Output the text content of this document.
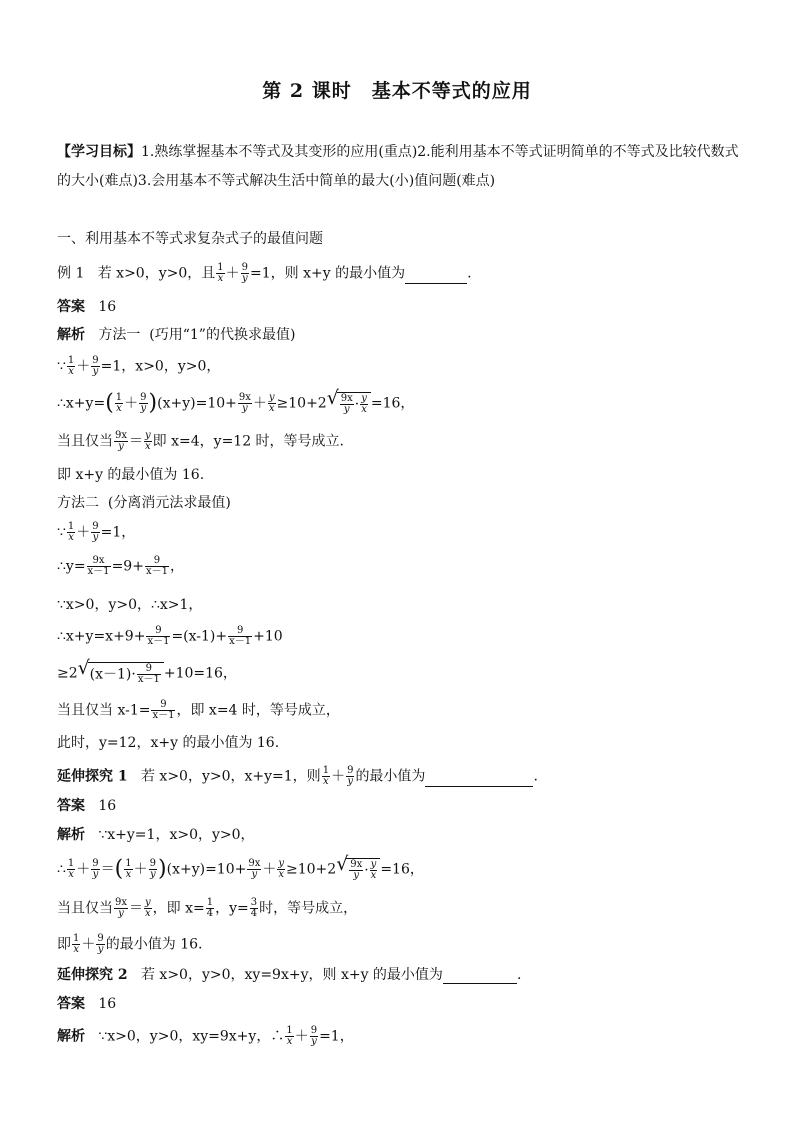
第 2 课时　基本不等式的应用
【学习目标】1.熟练掌握基本不等式及其变形的应用(重点)2.能利用基本不等式证明简单的不等式及比较代数式的大小(难点)3.会用基本不等式解决生活中简单的最大(小)值问题(难点)
一、利用基本不等式求复杂式子的最值问题
例 1 若 x>0，y>0，且 $\frac{1}{x} + \frac{9}{y} =1$，则 x+y 的最小值为	.
答案 16
解析 方法一 (巧用“1”的代换求最值)
∵ $\frac{1}{x} + \frac{9}{y} =1$，x>0，y>0，
∴x+y=( $\frac{1}{x} + \frac{9}{y} )(x+y)=10+ \frac{9x}{y} + \frac{y}{x} \ge 10+2$ √ $\frac{9x}{y} \cdot \frac{y}{x} =16$，
当且仅当 $\frac{9x}{y} = \frac{y}{x}$ 即 x=4，y=12 时，等号成立.
即 x+y 的最小值为 16.
方法二 (分离消元法求最值)
∵ $\frac{1}{x} + \frac{9}{y} =1$，
∴y= $\frac{9x}{x-1} =9+ \frac{9}{x-1}$ ，
∵x>0，y>0，∴x>1，
∴x+y=x+9+ $\frac{9}{x-1} =(x-1)+ \frac{9}{x-1} +10$
≥2 √ $(x-1)\cdot \frac{9}{x-1} +10=16$，
当且仅当 $x-1= \frac{9}{x-1}$ ，即 x=4 时，等号成立，
此时，y=12，x+y 的最小值为 16.
延伸探究 1 若 x>0，y>0，x+y=1，则 $\frac{1}{x} + \frac{9}{y}$ 的最小值为	.
答案 16
解析 ∵x+y=1，x>0，y>0，
∴ $\frac{1}{x} + \frac{9}{y}$ ＝( $\frac{1}{x} + \frac{9}{y} )(x+y)=10+ \frac{9x}{y} + \frac{y}{x} \ge 10+2$ √ $\frac{9x}{y} \cdot \frac{y}{x} =16$，
当且仅当 $\frac{9x}{y} = \frac{y}{x}$ ，即 $x= \frac{1}{4}$ ，$y= \frac{3}{4}$ 时，等号成立，
即 $\frac{1}{x} + \frac{9}{y}$ 的最小值为 16.
延伸探究 2 若 x>0，y>0，xy=9x+y，则 x+y 的最小值为	.
答案 16
解析 ∵x>0，y>0，xy=9x+y，∴ $\frac{1}{x} + \frac{9}{y} =1$，
